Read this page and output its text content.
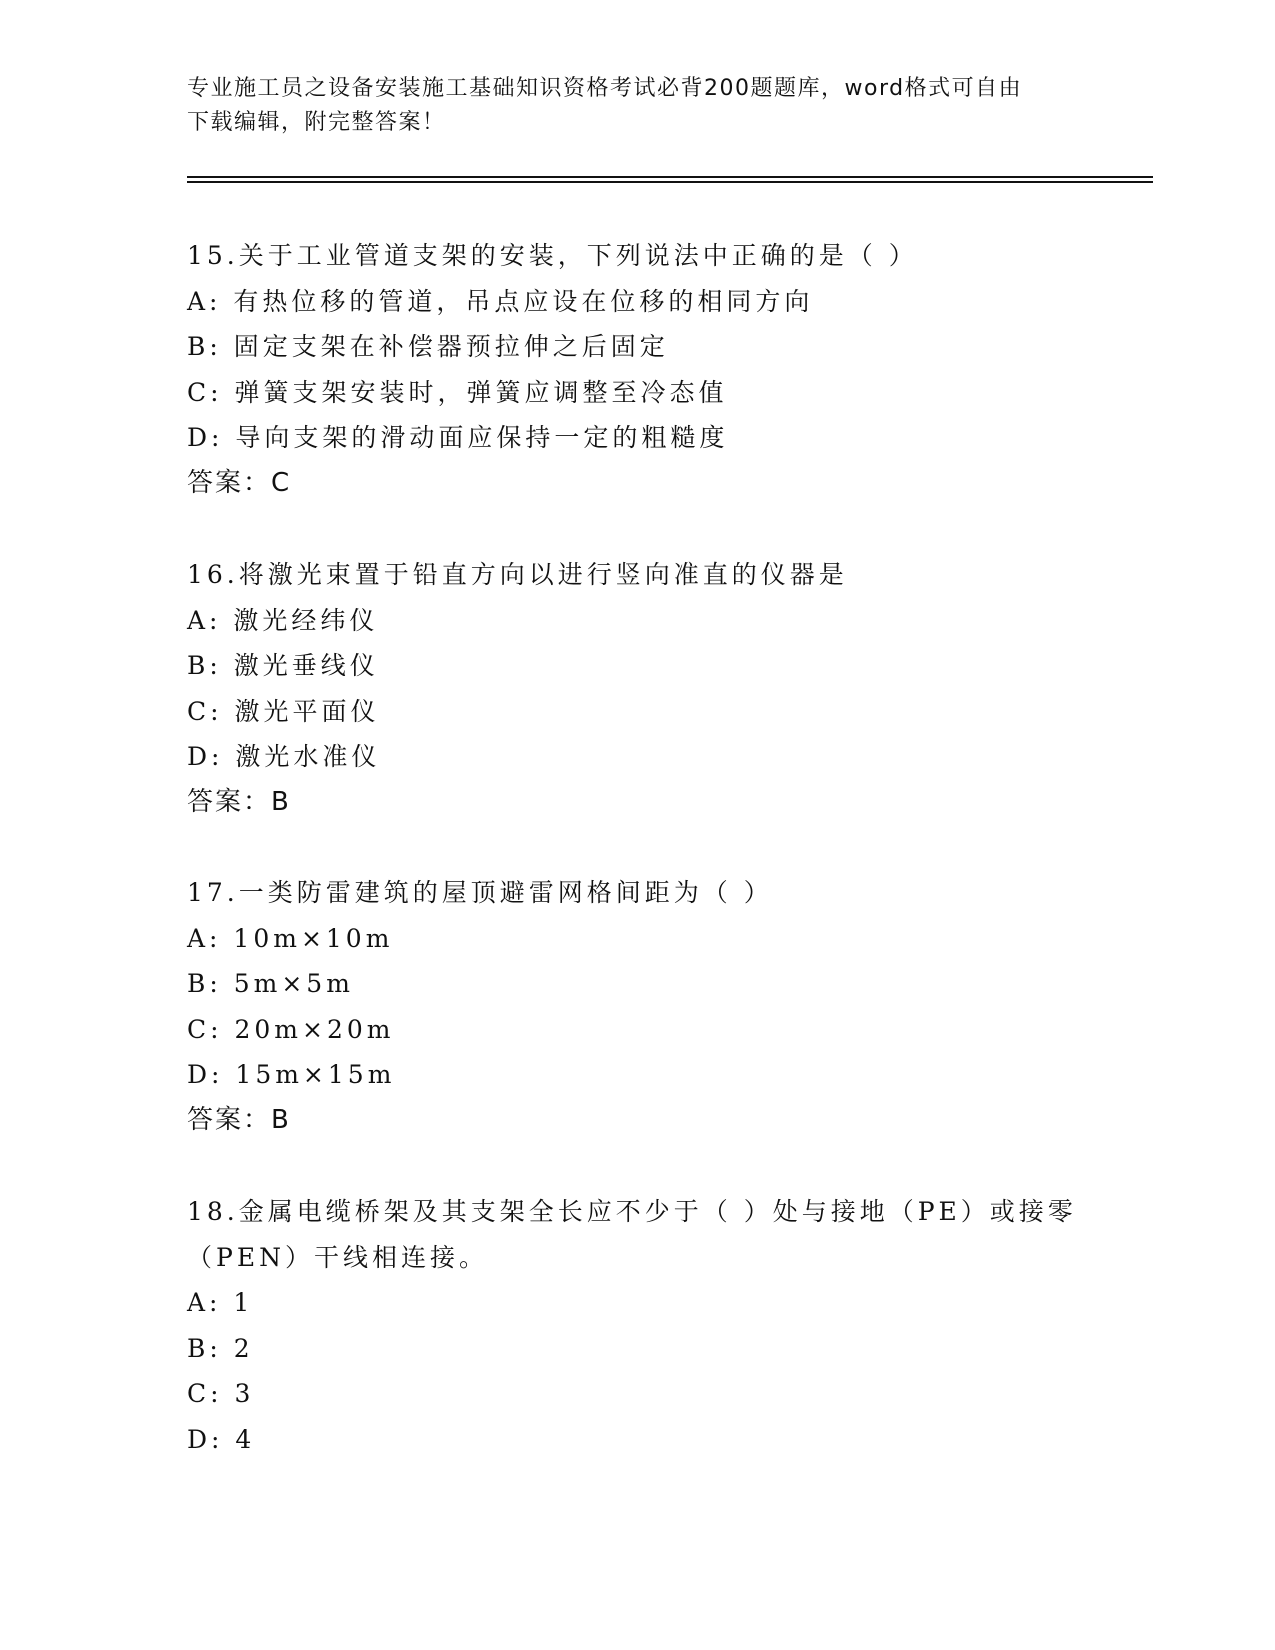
专业施工员之设备安装施工基础知识资格考试必背200题题库，word格式可自由
下载编辑，附完整答案！

15.关于工业管道支架的安装，下列说法中正确的是（ ）

A: 有热位移的管道，吊点应设在位移的相同方向

B: 固定支架在补偿器预拉伸之后固定

C: 弹簧支架安装时，弹簧应调整至冷态值

D: 导向支架的滑动面应保持一定的粗糙度

答案：C

16.将激光束置于铅直方向以进行竖向准直的仪器是

A: 激光经纬仪

B: 激光垂线仪

C: 激光平面仪

D: 激光水准仪

答案：B

17.一类防雷建筑的屋顶避雷网格间距为（ ）

A: 10m×10m

B: 5m×5m

C: 20m×20m

D: 15m×15m

答案：B

18.金属电缆桥架及其支架全长应不少于（ ）处与接地（PE）或接零

（PEN）干线相连接。

A: 1

B: 2

C: 3

D: 4
